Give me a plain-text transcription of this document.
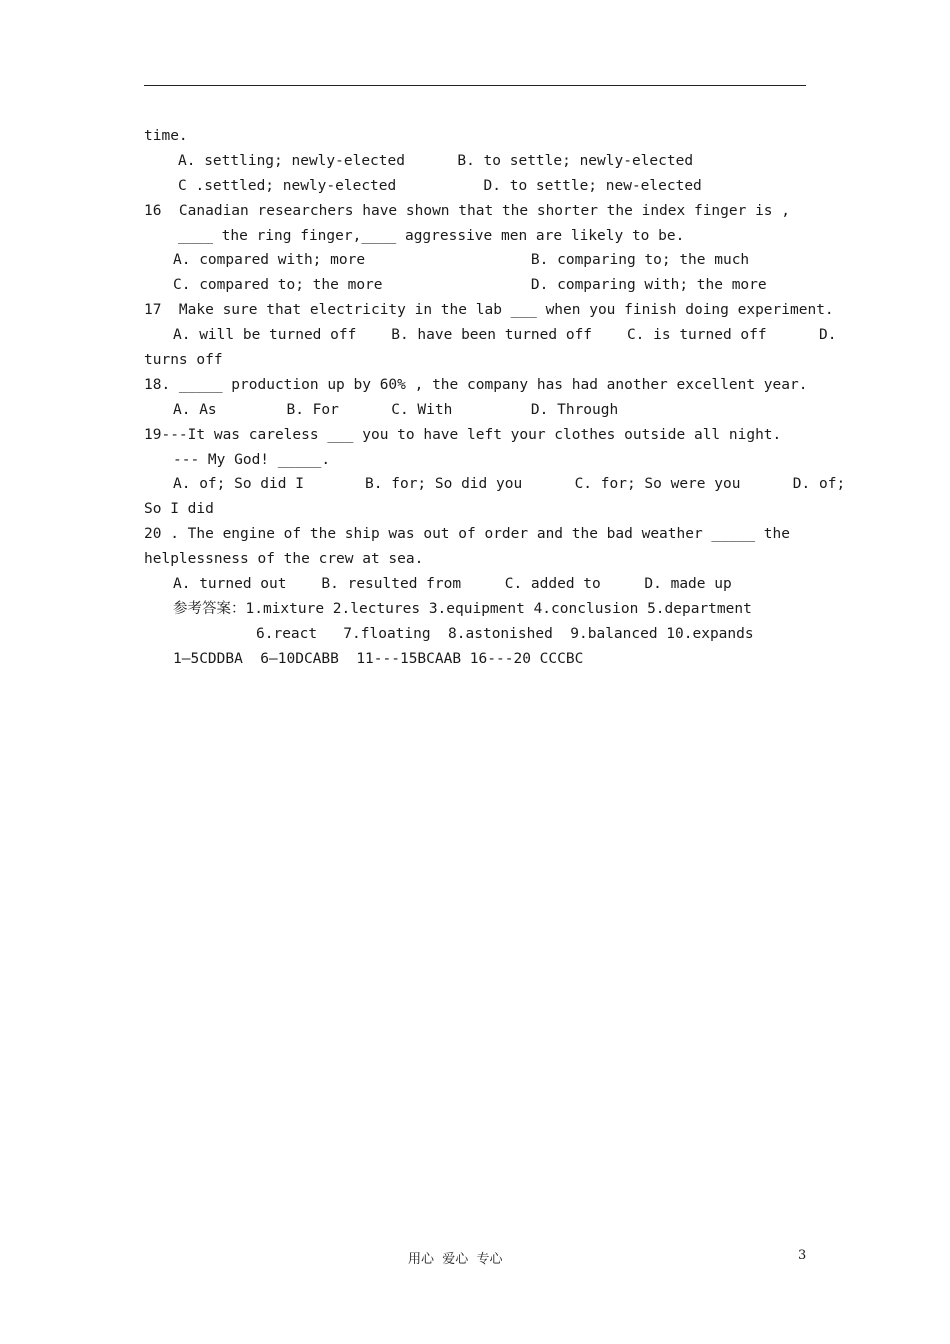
time.
A. settling; newly-elected      B. to settle; newly-elected
C .settled; newly-elected          D. to settle; new-elected
16  Canadian researchers have shown that the shorter the index finger is ,
____ the ring finger,____ aggressive men are likely to be.
A. compared with; more                   B. comparing to; the much
C. compared to; the more                 D. comparing with; the more
17  Make sure that electricity in the lab ___ when you finish doing experiment.
A. will be turned off    B. have been turned off    C. is turned off      D.
turns off
18. _____ production up by 60% , the company has had another excellent year.
A. As        B. For      C. With         D. Through
19---It was careless ___ you to have left your clothes outside all night.
--- My God! _____.
A. of; So did I       B. for; So did you      C. for; So were you      D. of;
So I did
20 . The engine of the ship was out of order and the bad weather _____ the
helplessness of the crew at sea.
A. turned out    B. resulted from     C. added to     D. made up
参考答案：1.mixture 2.lectures 3.equipment 4.conclusion 5.department
6.react   7.floating  8.astonished  9.balanced 10.expands
1—5CDDBA  6—10DCABB  11---15BCAAB 16---20 CCCBC
用心  爱心  专心	3
